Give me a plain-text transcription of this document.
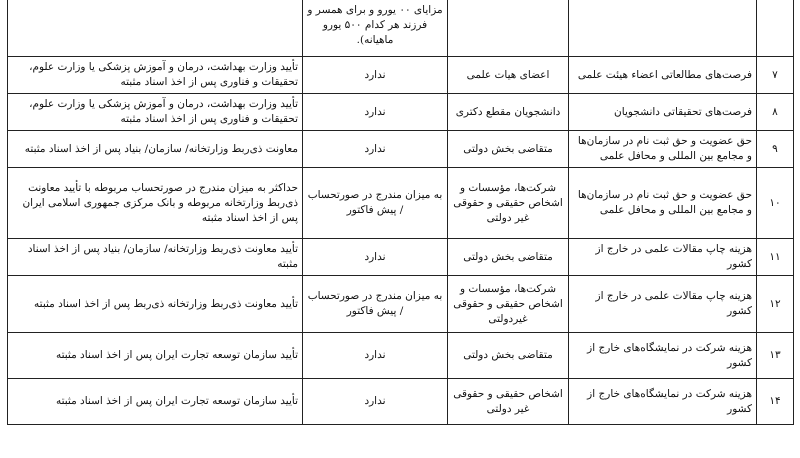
			مزایای ۰۰ یورو و برای همسر و فرزند هر کدام ۵۰۰ یورو ماهیانه).	
۷	فرصت‌های مطالعاتی اعضاء هیئت علمی	اعضای هیات علمی	ندارد	تأیید وزارت بهداشت، درمان و آموزش پزشکی یا وزارت علوم، تحقیقات و فناوری پس از اخذ اسناد مثبته
۸	فرصت‌های تحقیقاتی دانشجویان	دانشجویان مقطع دکتری	ندارد	تأیید وزارت بهداشت، درمان و آموزش پزشکی یا وزارت علوم، تحقیقات و فناوری پس از اخذ اسناد مثبته
۹	حق عضویت و حق ثبت نام در سازمان‌ها و مجامع بین المللی و محافل علمی	متقاضی بخش دولتی	ندارد	معاونت ذی‌ربط وزارتخانه/ سازمان/ بنیاد پس از اخذ اسناد مثبته
۱۰	حق عضویت و حق ثبت نام در سازمان‌ها و مجامع بین المللی و محافل علمی	شرکت‌ها، مؤسسات و اشخاص حقیقی و حقوقی غیر دولتی	به میزان مندرج در صورتحساب / پیش فاکتور	حداکثر به میزان مندرج در صورتحساب مربوطه با تأیید معاونت ذی‌ربط وزارتخانه مربوطه و بانک مرکزی جمهوری اسلامی ایران پس از اخذ اسناد مثبته
۱۱	هزینه چاپ مقالات علمی در خارج از کشور	متقاضی بخش دولتی	ندارد	تأیید معاونت ذی‌ربط وزارتخانه/ سازمان/ بنیاد پس از اخذ اسناد مثبته
۱۲	هزینه چاپ مقالات علمی در خارج از کشور	شرکت‌ها، مؤسسات و اشخاص حقیقی و حقوقی غیردولتی	به میزان مندرج در صورتحساب / پیش فاکتور	تأیید معاونت ذی‌ربط وزارتخانه ذی‌ربط پس از اخذ اسناد مثبته
۱۳	هزینه شرکت در نمایشگاه‌های خارج از کشور	متقاضی بخش دولتی	ندارد	تأیید سازمان توسعه تجارت ایران پس از اخذ اسناد مثبته
۱۴	هزینه شرکت در نمایشگاه‌های خارج از کشور	اشخاص حقیقی و حقوقی غیر دولتی	ندارد	تأیید سازمان توسعه تجارت ایران پس از اخذ اسناد مثبته
